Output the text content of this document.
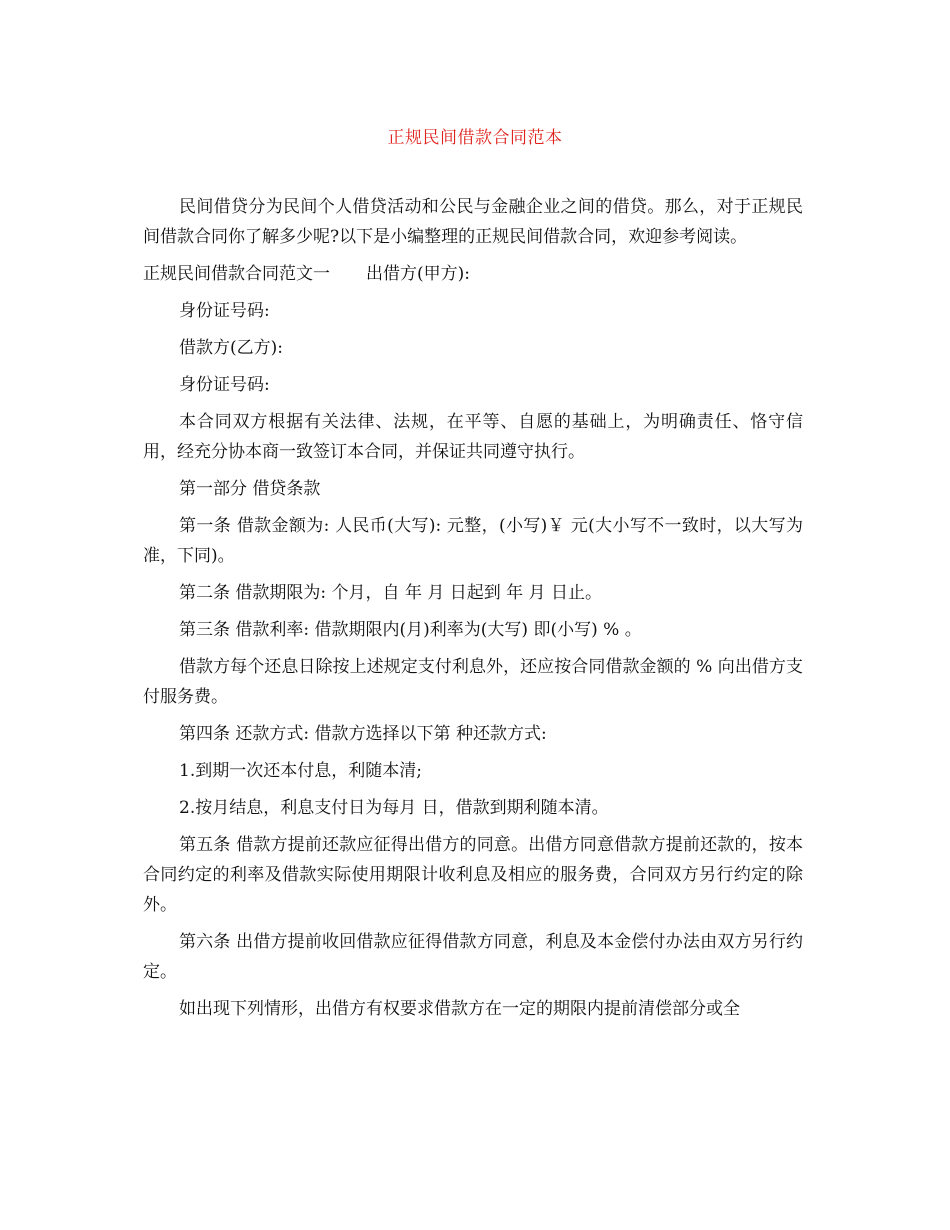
正规民间借款合同范本

民间借贷分为民间个人借贷活动和公民与金融企业之间的借贷。那么，对于正规民间借款合同你了解多少呢?以下是小编整理的正规民间借款合同，欢迎参考阅读。

正规民间借款合同范文一 出借方(甲方):

身份证号码:

借款方(乙方):

身份证号码:

本合同双方根据有关法律、法规，在平等、自愿的基础上，为明确责任、恪守信用，经充分协本商一致签订本合同，并保证共同遵守执行。

第一部分 借贷条款

第一条 借款金额为: 人民币(大写): 元整，(小写)￥ 元(大小写不一致时，以大写为准，下同)。

第二条 借款期限为: 个月，自 年 月 日起到 年 月 日止。

第三条 借款利率: 借款期限内(月)利率为(大写) 即(小写) % 。

借款方每个还息日除按上述规定支付利息外，还应按合同借款金额的 % 向出借方支付服务费。

第四条 还款方式: 借款方选择以下第 种还款方式:

1.到期一次还本付息，利随本清;

2.按月结息，利息支付日为每月 日，借款到期利随本清。

第五条 借款方提前还款应征得出借方的同意。出借方同意借款方提前还款的，按本合同约定的利率及借款实际使用期限计收利息及相应的服务费，合同双方另行约定的除外。

第六条 出借方提前收回借款应征得借款方同意，利息及本金偿付办法由双方另行约定。

如出现下列情形，出借方有权要求借款方在一定的期限内提前清偿部分或全
